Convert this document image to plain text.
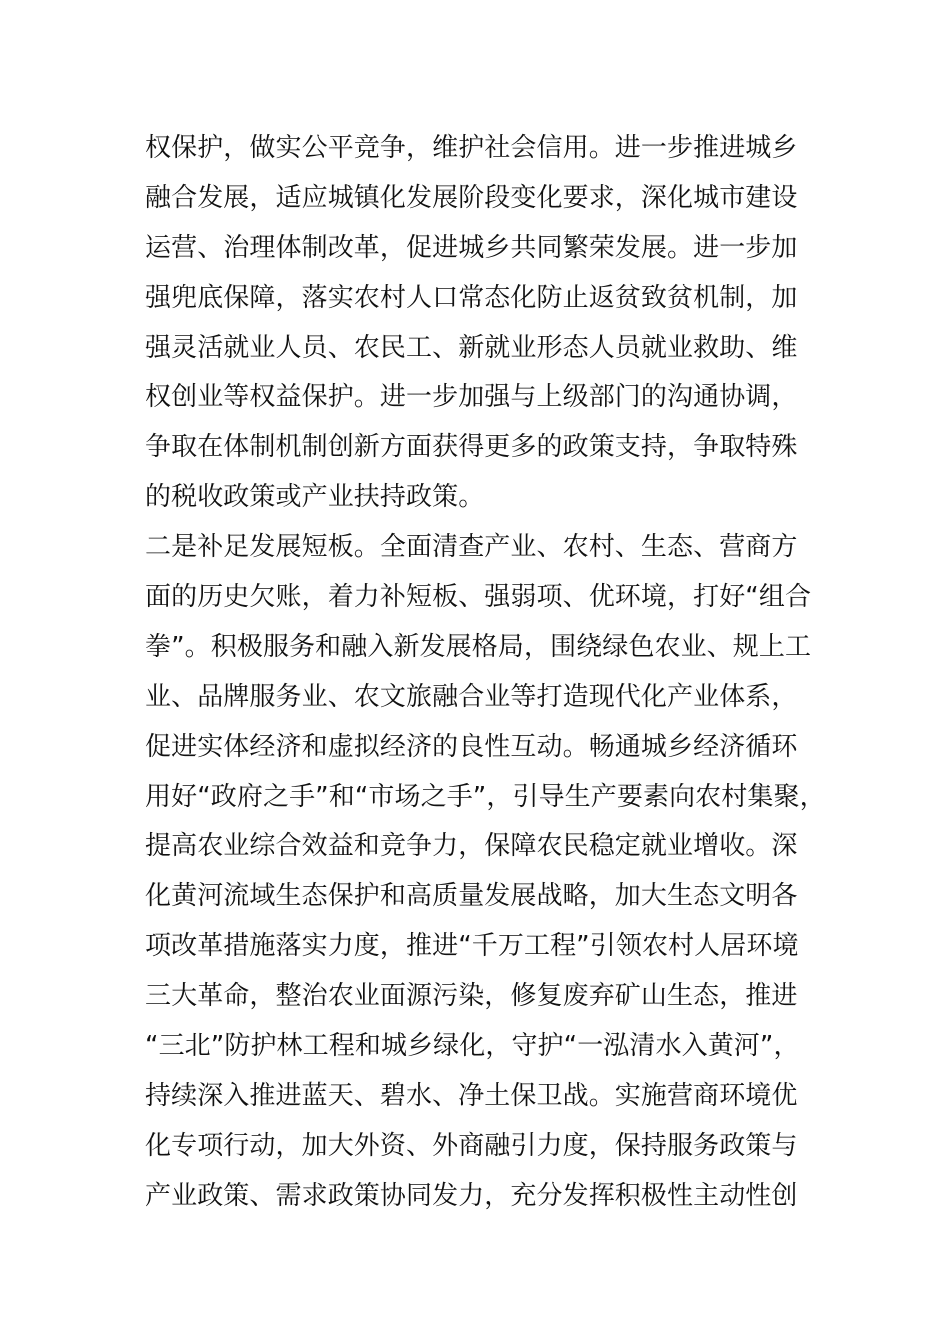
权保护，做实公平竞争，维护社会信用。进一步推进城乡
融合发展，适应城镇化发展阶段变化要求，深化城市建设
运营、治理体制改革，促进城乡共同繁荣发展。进一步加
强兜底保障，落实农村人口常态化防止返贫致贫机制，加
强灵活就业人员、农民工、新就业形态人员就业救助、维
权创业等权益保护。进一步加强与上级部门的沟通协调，
争取在体制机制创新方面获得更多的政策支持，争取特殊
的税收政策或产业扶持政策。
二是补足发展短板。全面清查产业、农村、生态、营商方
面的历史欠账，着力补短板、强弱项、优环境，打好“组合
拳”。积极服务和融入新发展格局，围绕绿色农业、规上工
业、品牌服务业、农文旅融合业等打造现代化产业体系，
促进实体经济和虚拟经济的良性互动。畅通城乡经济循环
用好“政府之手”和“市场之手”，引导生产要素向农村集聚，
提高农业综合效益和竞争力，保障农民稳定就业增收。深
化黄河流域生态保护和高质量发展战略，加大生态文明各
项改革措施落实力度，推进“千万工程”引领农村人居环境
三大革命，整治农业面源污染，修复废弃矿山生态，推进
“三北”防护林工程和城乡绿化，守护“一泓清水入黄河”，
持续深入推进蓝天、碧水、净土保卫战。实施营商环境优
化专项行动，加大外资、外商融引力度，保持服务政策与
产业政策、需求政策协同发力，充分发挥积极性主动性创
